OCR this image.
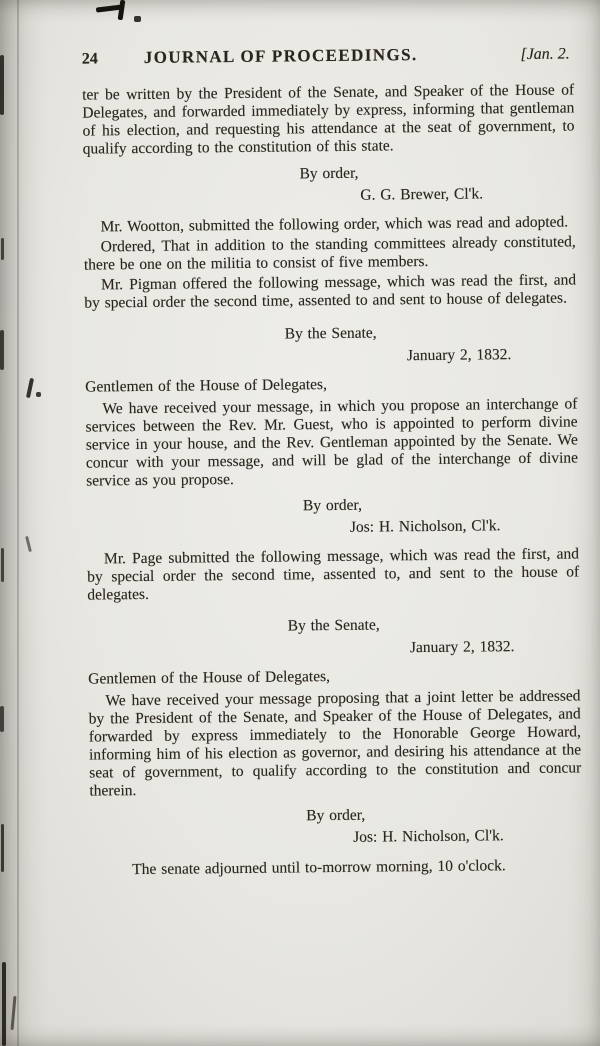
24	JOURNAL OF PROCEEDINGS.	[Jan. 2.

ter be written by the President of the Senate, and Speaker of the House of Delegates, and forwarded immediately by express, informing that gentleman of his election, and requesting his attendance at the seat of government, to qualify according to the constitution of this state.

By order,

G. G. Brewer, Cl'k.

Mr. Wootton, submitted the following order, which was read and adopted.

Ordered, That in addition to the standing committees already constituted, there be one on the militia to consist of five members.

Mr. Pigman offered the following message, which was read the first, and by special order the second time, assented to and sent to house of delegates.

By the Senate,

January 2, 1832.

Gentlemen of the House of Delegates,

We have received your message, in which you propose an interchange of services between the Rev. Mr. Guest, who is appointed to perform divine service in your house, and the Rev. Gentleman appointed by the Senate. We concur with your message, and will be glad of the interchange of divine service as you propose.

By order,

Jos: H. Nicholson, Cl'k.

Mr. Page submitted the following message, which was read the first, and by special order the second time, assented to, and sent to the house of delegates.

By the Senate,

January 2, 1832.

Gentlemen of the House of Delegates,

We have received your message proposing that a joint letter be addressed by the President of the Senate, and Speaker of the House of Delegates, and forwarded by express immediately to the Honorable George Howard, informing him of his election as governor, and desiring his attendance at the seat of government, to qualify according to the constitution and concur therein.

By order,

Jos: H. Nicholson, Cl'k.

The senate adjourned until to-morrow morning, 10 o'clock.
